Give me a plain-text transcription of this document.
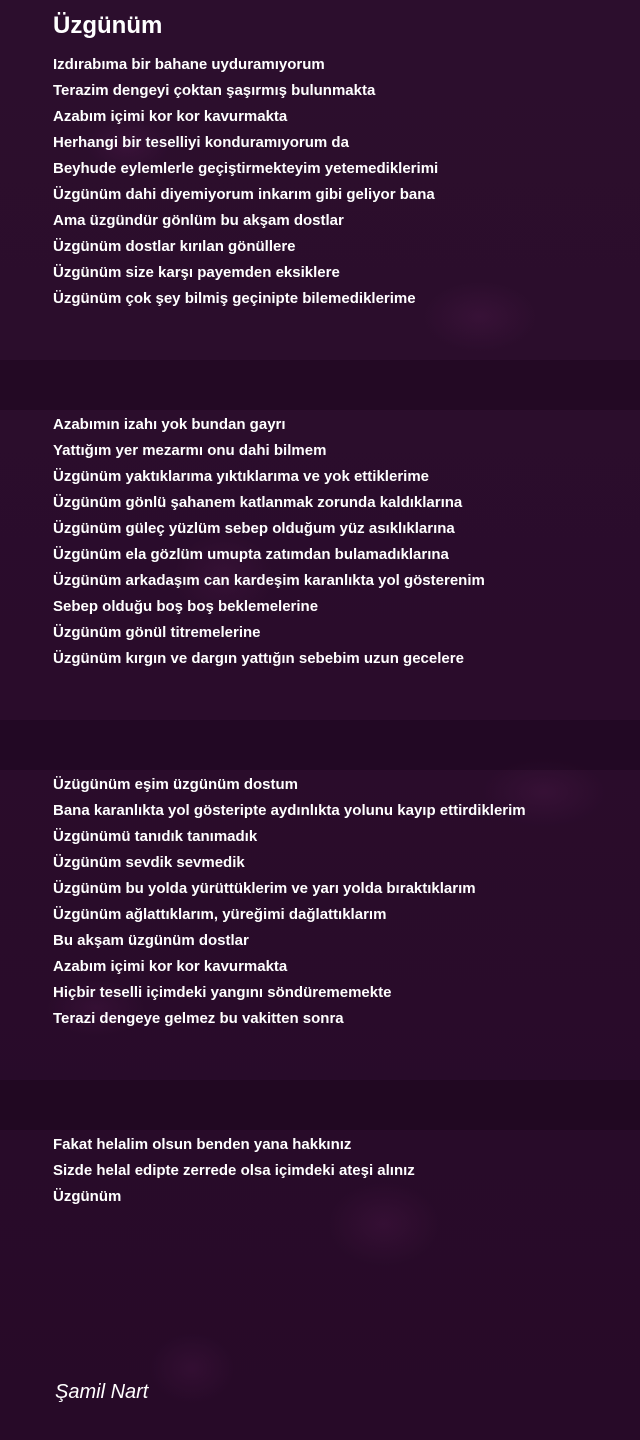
Üzgünüm
Izdırabıma bir bahane uyduramıyorum
Terazim dengeyi çoktan şaşırmış bulunmakta
Azabım içimi kor kor kavurmakta
Herhangi bir teselliyi konduramıyorum da
Beyhude eylemlerle geçiştirmekteyim yetemediklerimi
Üzgünüm dahi diyemiyorum inkarım gibi geliyor bana
Ama üzgündür gönlüm bu akşam dostlar
Üzgünüm dostlar kırılan gönüllere
Üzgünüm size karşı payemden eksiklere
Üzgünüm çok şey bilmiş geçinipte bilemediklerime
Azabımın izahı yok bundan gayrı
Yattığım yer mezarmı onu dahi bilmem
Üzgünüm yaktıklarıma yıktıklarıma ve yok ettiklerime
Üzgünüm gönlü şahanem katlanmak zorunda kaldıklarına
Üzgünüm güleç yüzlüm sebep olduğum yüz asıklıklarına
Üzgünüm ela gözlüm umupta zatımdan bulamadıklarına
Üzgünüm arkadaşım can kardeşim karanlıkta yol gösterenim
Sebep olduğu boş boş beklemelerine
Üzgünüm gönül titremelerine
Üzgünüm kırgın ve dargın yattığın sebebim uzun gecelere
Üzügünüm eşim üzgünüm dostum
Bana karanlıkta yol gösteripte aydınlıkta yolunu kayıp ettirdiklerim
Üzgünümü tanıdık tanımadık
Üzgünüm sevdik sevmedik
Üzgünüm bu yolda yürüttüklerim ve yarı yolda bıraktıklarım
Üzgünüm ağlattıklarım, yüreğimi dağlattıklarım
Bu akşam üzgünüm dostlar
Azabım içimi kor kor kavurmakta
Hiçbir teselli içimdeki yangını söndürememekte
Terazi dengeye gelmez bu vakitten sonra
Fakat helalim olsun benden yana hakkınız
Sizde helal edipte zerrede olsa içimdeki ateşi alınız
Üzgünüm
Şamil Nart
